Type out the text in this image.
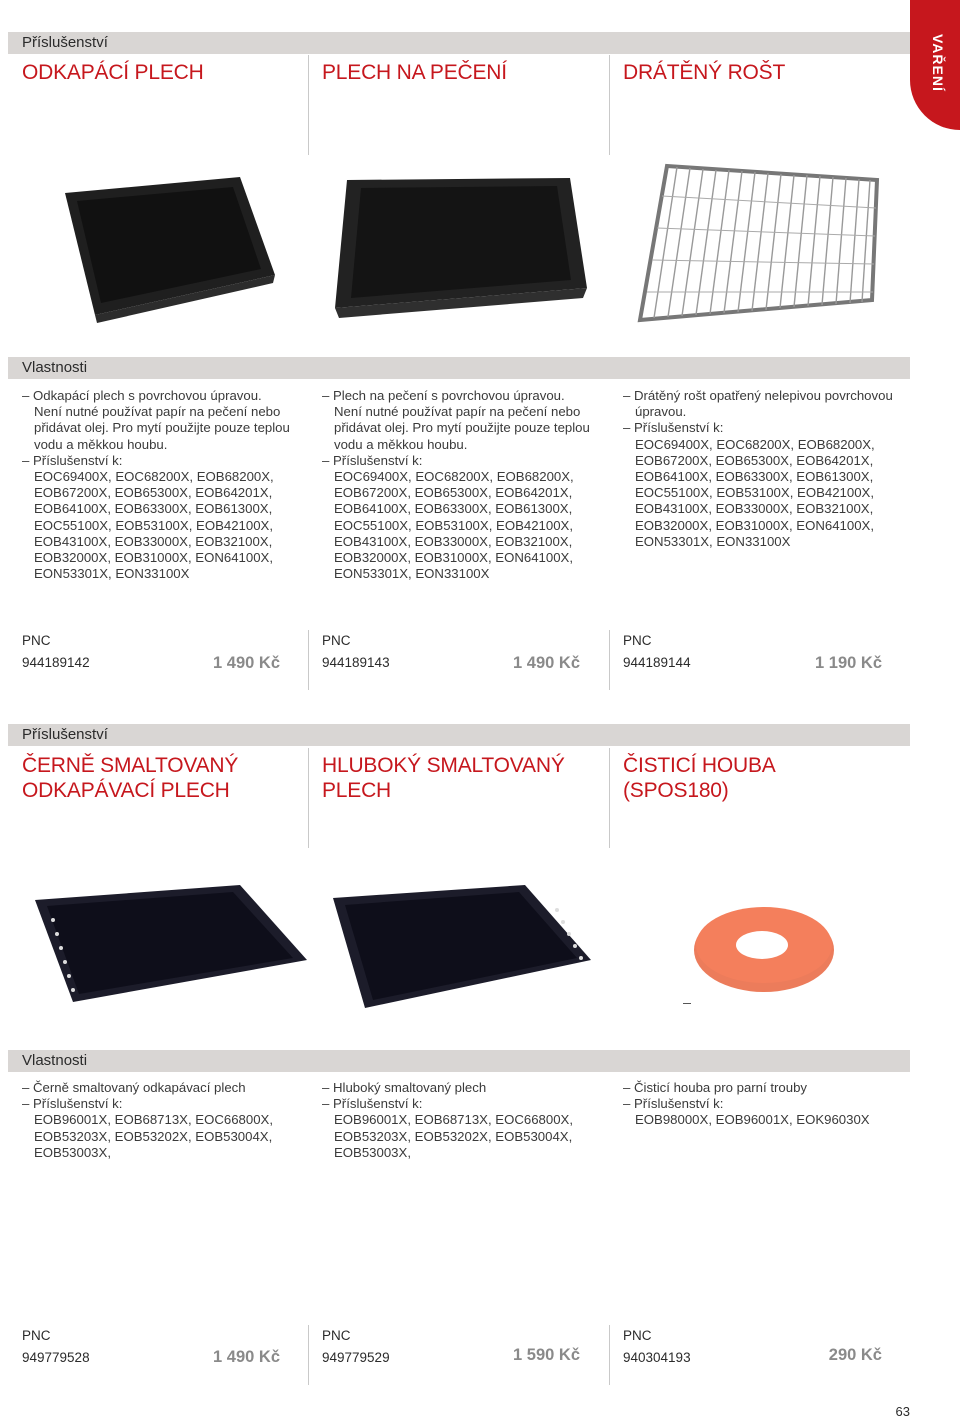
VAŘENÍ
Příslušenství
ODKAPÁCÍ PLECH	PLECH NA PEČENÍ	DRÁTĚNÝ ROŠT
Vlastnosti

– Odkapácí plech s povrchovou úpravou.

Není nutné používat papír na pečení nebo

přidávat olej. Pro mytí použijte pouze teplou

vodu a měkkou houbu.

– Příslušenství k:

EOC69400X, EOC68200X, EOB68200X,

EOB67200X, EOB65300X, EOB64201X,

EOB64100X, EOB63300X, EOB61300X,

EOC55100X, EOB53100X, EOB42100X,

EOB43100X, EOB33000X, EOB32100X,

EOB32000X, EOB31000X, EON64100X,

EON53301X, EON33100X

– Plech na pečení s povrchovou úpravou.

Není nutné používat papír na pečení nebo

přidávat olej. Pro mytí použijte pouze teplou

vodu a měkkou houbu.

– Příslušenství k:

EOC69400X, EOC68200X, EOB68200X,

EOB67200X, EOB65300X, EOB64201X,

EOB64100X, EOB63300X, EOB61300X,

EOC55100X, EOB53100X, EOB42100X,

EOB43100X, EOB33000X, EOB32100X,

EOB32000X, EOB31000X, EON64100X,

EON53301X, EON33100X

– Drátěný rošt opatřený nelepivou povrchovou

úpravou.

– Příslušenství k:

EOC69400X, EOC68200X, EOB68200X,

EOB67200X, EOB65300X, EOB64201X,

EOB64100X, EOB63300X, EOB61300X,

EOC55100X, EOB53100X, EOB42100X,

EOB43100X, EOB33000X, EOB32100X,

EOB32000X, EOB31000X, EON64100X,

EON53301X, EON33100X

PNC
944189142	1 490 Kč
PNC
944189143	1 490 Kč
PNC
944189144	1 190 Kč
Příslušenství
ČERNĚ SMALTOVANÝ
ODKAPÁVACÍ PLECH
HLUBOKÝ SMALTOVANÝ
PLECH
ČISTICÍ HOUBA
(SPOS180)
Vlastnosti

– Černě smaltovaný odkapávací plech

– Příslušenství k:

EOB96001X, EOB68713X, EOC66800X,

EOB53203X, EOB53202X, EOB53004X,

EOB53003X,

– Hluboký smaltovaný plech

– Příslušenství k:

EOB96001X, EOB68713X, EOC66800X,

EOB53203X, EOB53202X, EOB53004X,

EOB53003X,

– Čisticí houba pro parní trouby

– Příslušenství k:

EOB98000X, EOB96001X, EOK96030X

PNC
949779528	1 490 Kč
PNC
949779529	1 590 Kč
PNC
940304193	290 Kč
63
